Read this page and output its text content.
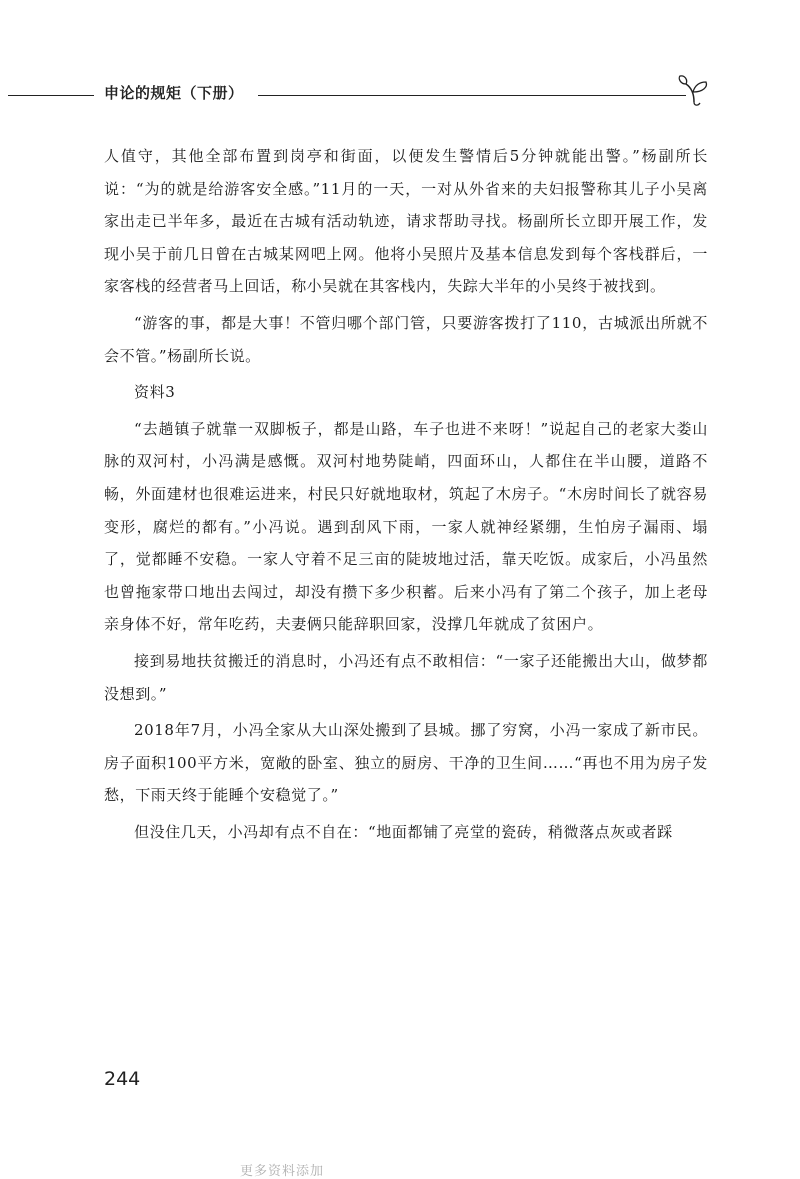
申论的规矩（下册）

人值守，其他全部布置到岗亭和街面，以便发生警情后5分钟就能出警。”杨副所长说：“为的就是给游客安全感。”11月的一天，一对从外省来的夫妇报警称其儿子小吴离家出走已半年多，最近在古城有活动轨迹，请求帮助寻找。杨副所长立即开展工作，发现小吴于前几日曾在古城某网吧上网。他将小吴照片及基本信息发到每个客栈群后，一家客栈的经营者马上回话，称小吴就在其客栈内，失踪大半年的小吴终于被找到。

“游客的事，都是大事！不管归哪个部门管，只要游客拨打了110，古城派出所就不会不管。”杨副所长说。

资料3

“去趟镇子就靠一双脚板子，都是山路，车子也进不来呀！”说起自己的老家大娄山脉的双河村，小冯满是感慨。双河村地势陡峭，四面环山，人都住在半山腰，道路不畅，外面建材也很难运进来，村民只好就地取材，筑起了木房子。“木房时间长了就容易变形，腐烂的都有。”小冯说。遇到刮风下雨，一家人就神经紧绷，生怕房子漏雨、塌了，觉都睡不安稳。一家人守着不足三亩的陡坡地过活，靠天吃饭。成家后，小冯虽然也曾拖家带口地出去闯过，却没有攒下多少积蓄。后来小冯有了第二个孩子，加上老母亲身体不好，常年吃药，夫妻俩只能辞职回家，没撑几年就成了贫困户。

接到易地扶贫搬迁的消息时，小冯还有点不敢相信：“一家子还能搬出大山，做梦都没想到。”

2018年7月，小冯全家从大山深处搬到了县城。挪了穷窝，小冯一家成了新市民。房子面积100平方米，宽敞的卧室、独立的厨房、干净的卫生间……“再也不用为房子发愁，下雨天终于能睡个安稳觉了。”

但没住几天，小冯却有点不自在：“地面都铺了亮堂的瓷砖，稍微落点灰或者踩

244
更多资料添加
